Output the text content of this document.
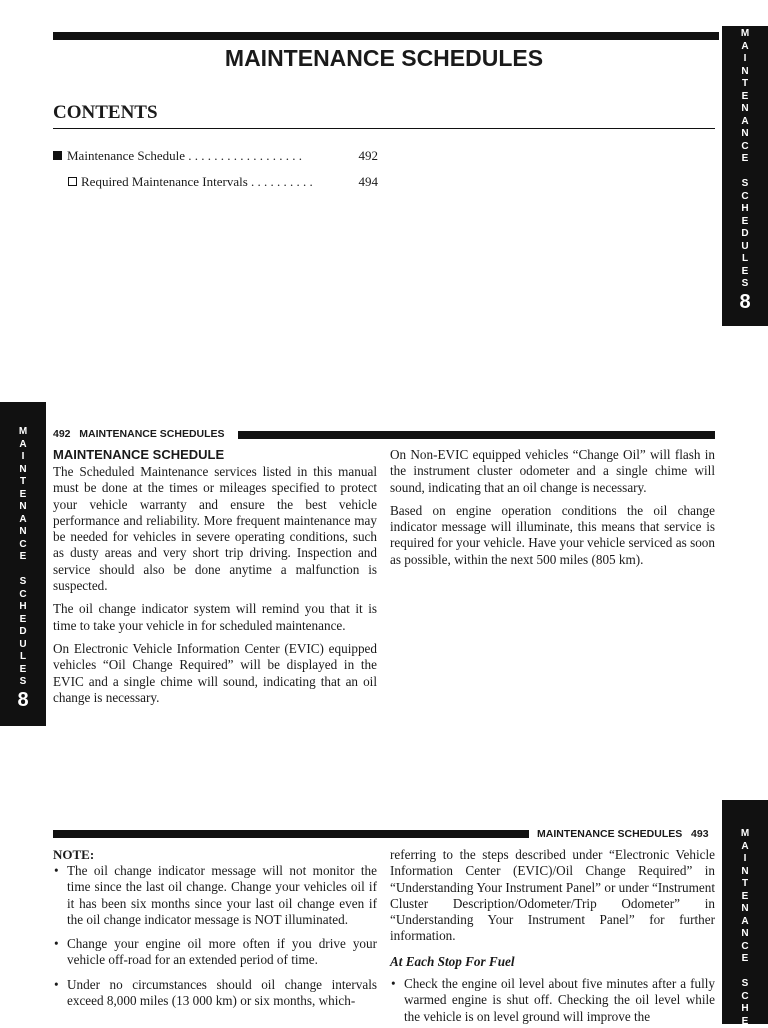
MAINTENANCE SCHEDULES
CONTENTS
Maintenance Schedule . . . . . . . . . . . . . . . . . .	492
Required Maintenance Intervals . . . . . . . . . .	494
M
A
I
N
T
E
N
A
N
C
E

S
C
H
E
D
U
L
E
S
8
M
A
I
N
T
E
N
A
N
C
E

S
C
H
E
D
U
L
E
S
8
492 MAINTENANCE SCHEDULES
MAINTENANCE SCHEDULE

The Scheduled Maintenance services listed in this manual must be done at the times or mileages specified to protect your vehicle warranty and ensure the best vehicle performance and reliability. More frequent maintenance may be needed for vehicles in severe operating conditions, such as dusty areas and very short trip driving. Inspection and service should also be done anytime a malfunction is suspected.

The oil change indicator system will remind you that it is time to take your vehicle in for scheduled maintenance.

On Electronic Vehicle Information Center (EVIC) equipped vehicles “Oil Change Required” will be displayed in the EVIC and a single chime will sound, indicating that an oil change is necessary.

On Non-EVIC equipped vehicles “Change Oil” will flash in the instrument cluster odometer and a single chime will sound, indicating that an oil change is necessary.

Based on engine operation conditions the oil change indicator message will illuminate, this means that service is required for your vehicle. Have your vehicle serviced as soon as possible, within the next 500 miles (805 km).

MAINTENANCE SCHEDULES 493	M
A
I
N
T
E
N
A
N
C
E

S
C
H
E
NOTE:
• The oil change indicator message will not monitor the time since the last oil change. Change your vehicles oil if it has been six months since your last oil change even if the oil change indicator message is NOT illuminated.
• Change your engine oil more often if you drive your vehicle off-road for an extended period of time.
• Under no circumstances should oil change intervals exceed 8,000 miles (13 000 km) or six months, which-

referring to the steps described under “Electronic Vehicle Information Center (EVIC)/Oil Change Required” in “Understanding Your Instrument Panel” or under “Instrument Cluster Description/Odometer/Trip Odometer” in “Understanding Your Instrument Panel” for further information.

At Each Stop For Fuel

• Check the engine oil level about five minutes after a fully warmed engine is shut off. Checking the oil level while the vehicle is on level ground will improve the
